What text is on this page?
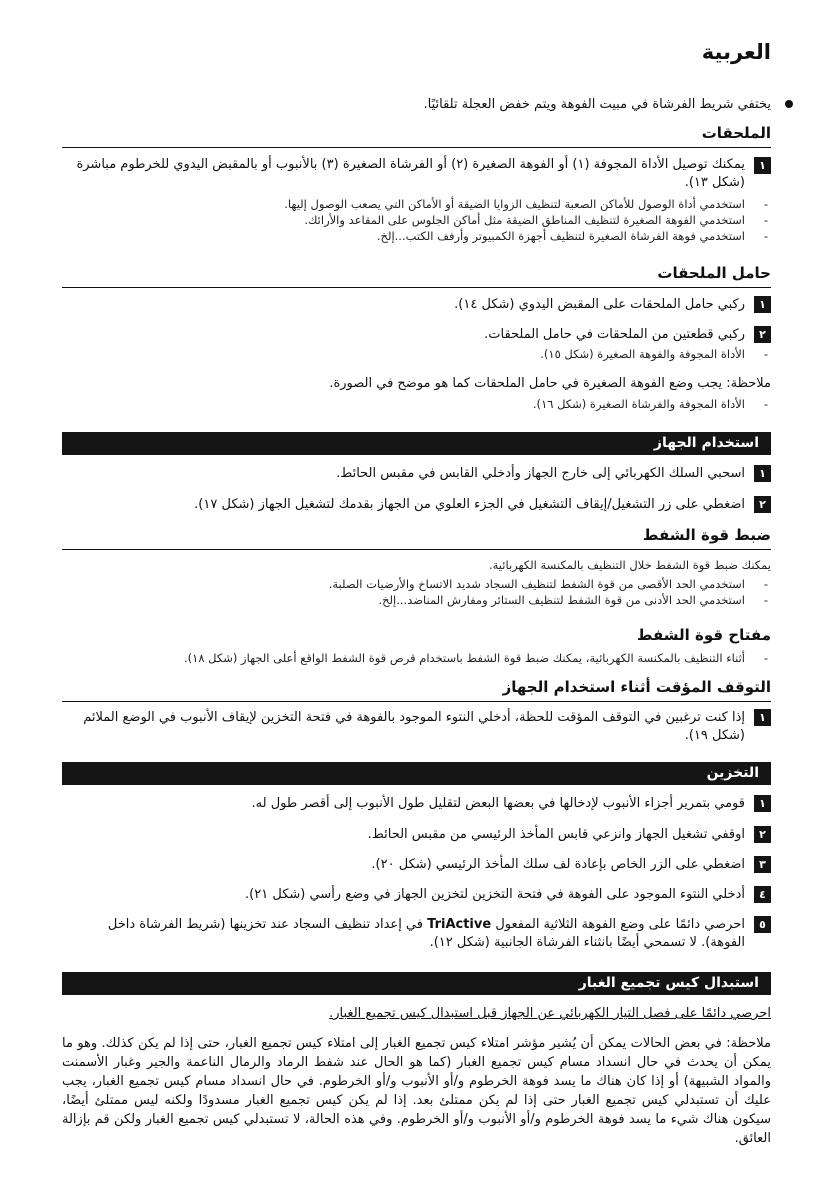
العربية
يختفي شريط الفرشاة في مبيت الفوهة ويتم خفض العجلة تلقائيًا.
الملحقات
١
يمكنك توصيل الأداة المجوفة (١) أو الفوهة الصغيرة (٢) أو الفرشاة الصغيرة (٣) بالأنبوب أو بالمقبض اليدوي للخرطوم مباشرة (شكل ١٣).
- استخدمي أداة الوصول للأماكن الصعبة لتنظيف الزوايا الضيقة أو الأماكن التي يصعب الوصول إليها.
- استخدمي الفوهة الصغيرة لتنظيف المناطق الضيقة مثل أماكن الجلوس على المقاعد والأرائك.
- استخدمي فوهة الفرشاة الصغيرة لتنظيف أجهزة الكمبيوتر وأرفف الكتب...إلخ.
حامل الملحقات
١
ركبي حامل الملحقات على المقبض اليدوي (شكل ١٤).
٢
ركبي قطعتين من الملحقات في حامل الملحقات.
- الأداة المجوفة والفوهة الصغيرة (شكل ١٥).
ملاحظة: يجب وضع الفوهة الصغيرة في حامل الملحقات كما هو موضح في الصورة.
- الأداة المجوفة والفرشاة الصغيرة (شكل ١٦).
استخدام الجهاز
١
اسحبي السلك الكهربائي إلى خارج الجهاز وأدخلي القابس في مقبس الحائط.
٢
اضغطي على زر التشغيل/إيقاف التشغيل في الجزء العلوي من الجهاز بقدمك لتشغيل الجهاز (شكل ١٧).
ضبط قوة الشفط
يمكنك ضبط قوة الشفط خلال التنظيف بالمكنسة الكهربائية.
- استخدمي الحد الأقصى من قوة الشفط لتنظيف السجاد شديد الاتساخ والأرضيات الصلبة.
- استخدمي الحد الأدنى من قوة الشفط لتنظيف الستائر ومفارش المناضد...إلخ.
مفتاح قوة الشفط
- أثناء التنظيف بالمكنسة الكهربائية، يمكنك ضبط قوة الشفط باستخدام قرص قوة الشفط الواقع أعلى الجهاز (شكل ١٨).
التوقف المؤقت أثناء استخدام الجهاز
١
إذا كنت ترغبين في التوقف المؤقت للحظة، أدخلي النتوء الموجود بالفوهة في فتحة التخزين لإيقاف الأنبوب في الوضع الملائم (شكل ١٩).
التخزين
١
قومي بتمرير أجزاء الأنبوب لإدخالها في بعضها البعض لتقليل طول الأنبوب إلى أقصر طول له.
٢
اوقفي تشغيل الجهاز وانزعي قابس المأخذ الرئيسي من مقبس الحائط.
٣
اضغطي على الزر الخاص بإعادة لف سلك المأخذ الرئيسي (شكل ٢٠).
٤
أدخلي النتوء الموجود على الفوهة في فتحة التخزين لتخزين الجهاز في وضع رأسي (شكل ٢١).
٥
احرصي دائمًا على وضع الفوهة الثلاثية المفعول TriActive في إعداد تنظيف السجاد عند تخزينها (شريط الفرشاة داخل الفوهة). لا تسمحي أيضًا بانثناء الفرشاة الجانبية (شكل ١٢).
استبدال كيس تجميع الغبار
احرصي دائمًا على فصل التيار الكهربائي عن الجهاز قبل استبدال كيس تجميع الغبار.
ملاحظة: في بعض الحالات يمكن أن يُشير مؤشر امتلاء كيس تجميع الغبار إلى امتلاء كيس تجميع الغبار، حتى إذا لم يكن كذلك. وهو ما يمكن أن يحدث في حال انسداد مسام كيس تجميع الغبار (كما هو الحال عند شفط الرماد والرمال الناعمة والجير وغبار الأسمنت والمواد الشبيهة) أو إذا كان هناك ما يسد فوهة الخرطوم و/أو الأنبوب و/أو الخرطوم. في حال انسداد مسام كيس تجميع الغبار، يجب عليك أن تستبدلي كيس تجميع الغبار حتى إذا لم يكن ممتلئ بعد. إذا لم يكن كيس تجميع الغبار مسدودًا ولكنه ليس ممتلئ أيضًا، سيكون هناك شيء ما يسد فوهة الخرطوم و/أو الأنبوب و/أو الخرطوم. وفي هذه الحالة، لا تستبدلي كيس تجميع الغبار ولكن قم بإزالة العائق.
